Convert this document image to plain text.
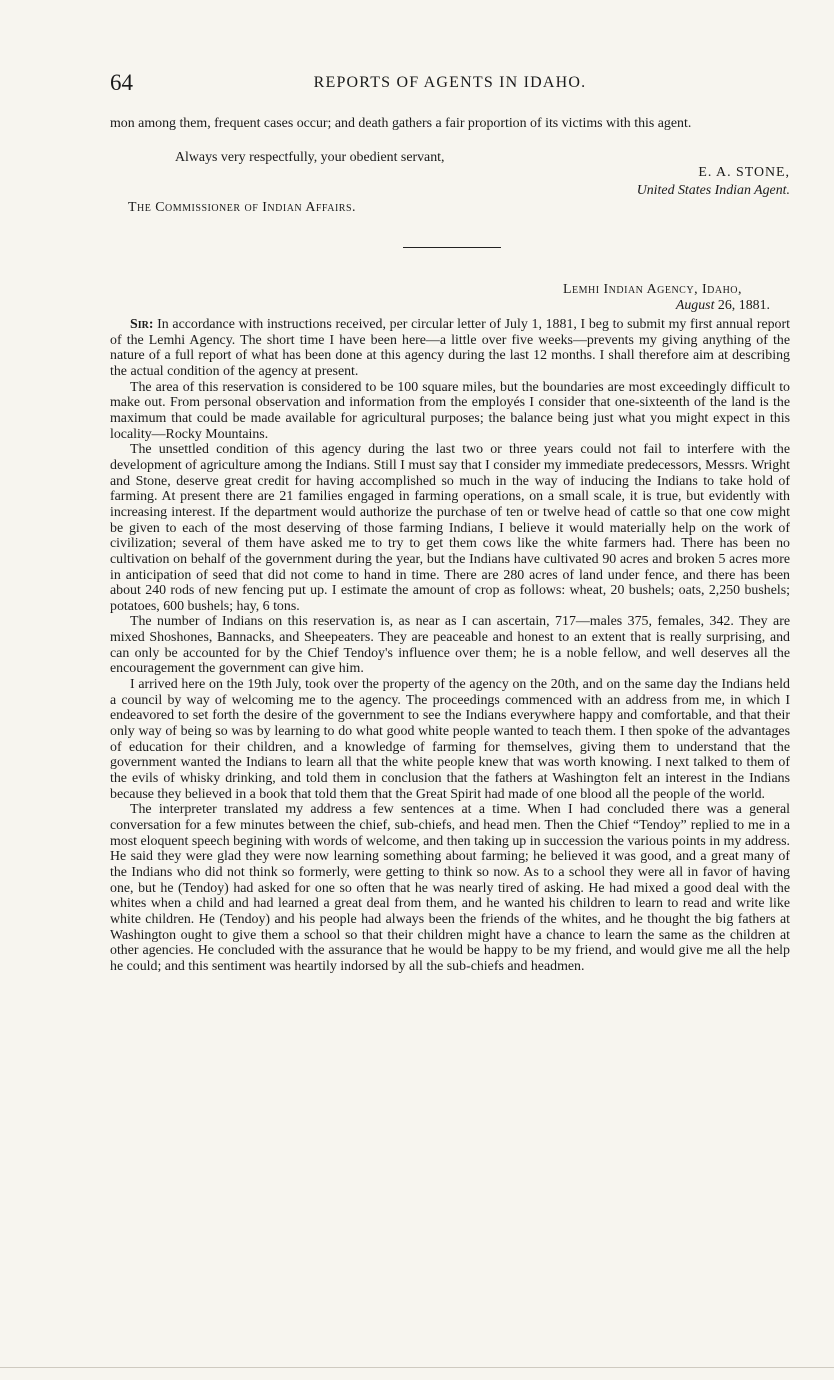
64	REPORTS OF AGENTS IN IDAHO.

mon among them, frequent cases occur; and death gathers a fair proportion of its victims with this agent.

Always very respectfully, your obedient servant,
E. A. STONE,
United States Indian Agent.
The Commissioner of Indian Affairs.
Lemhi Indian Agency, Idaho,
August 26, 1881.

Sir: In accordance with instructions received, per circular letter of July 1, 1881, I beg to submit my first annual report of the Lemhi Agency. The short time I have been here—a little over five weeks—prevents my giving anything of the nature of a full report of what has been done at this agency during the last 12 months. I shall therefore aim at describing the actual condition of the agency at present.

The area of this reservation is considered to be 100 square miles, but the boundaries are most exceedingly difficult to make out. From personal observation and information from the employés I consider that one-sixteenth of the land is the maximum that could be made available for agricultural purposes; the balance being just what you might expect in this locality—Rocky Mountains.

The unsettled condition of this agency during the last two or three years could not fail to interfere with the development of agriculture among the Indians. Still I must say that I consider my immediate predecessors, Messrs. Wright and Stone, deserve great credit for having accomplished so much in the way of inducing the Indians to take hold of farming. At present there are 21 families engaged in farming operations, on a small scale, it is true, but evidently with increasing interest. If the department would authorize the purchase of ten or twelve head of cattle so that one cow might be given to each of the most deserving of those farming Indians, I believe it would materially help on the work of civilization; several of them have asked me to try to get them cows like the white farmers had. There has been no cultivation on behalf of the government during the year, but the Indians have cultivated 90 acres and broken 5 acres more in anticipation of seed that did not come to hand in time. There are 280 acres of land under fence, and there has been about 240 rods of new fencing put up. I estimate the amount of crop as follows: wheat, 20 bushels; oats, 2,250 bushels; potatoes, 600 bushels; hay, 6 tons.

The number of Indians on this reservation is, as near as I can ascertain, 717—males 375, females, 342. They are mixed Shoshones, Bannacks, and Sheepeaters. They are peaceable and honest to an extent that is really surprising, and can only be accounted for by the Chief Tendoy's influence over them; he is a noble fellow, and well deserves all the encouragement the government can give him.

I arrived here on the 19th July, took over the property of the agency on the 20th, and on the same day the Indians held a council by way of welcoming me to the agency. The proceedings commenced with an address from me, in which I endeavored to set forth the desire of the government to see the Indians everywhere happy and comfortable, and that their only way of being so was by learning to do what good white people wanted to teach them. I then spoke of the advantages of education for their children, and a knowledge of farming for themselves, giving them to understand that the government wanted the Indians to learn all that the white people knew that was worth knowing. I next talked to them of the evils of whisky drinking, and told them in conclusion that the fathers at Washington felt an interest in the Indians because they believed in a book that told them that the Great Spirit had made of one blood all the people of the world.

The interpreter translated my address a few sentences at a time. When I had concluded there was a general conversation for a few minutes between the chief, sub-chiefs, and head men. Then the Chief “Tendoy” replied to me in a most eloquent speech begining with words of welcome, and then taking up in succession the various points in my address. He said they were glad they were now learning something about farming; he believed it was good, and a great many of the Indians who did not think so formerly, were getting to think so now. As to a school they were all in favor of having one, but he (Tendoy) had asked for one so often that he was nearly tired of asking. He had mixed a good deal with the whites when a child and had learned a great deal from them, and he wanted his children to learn to read and write like white children. He (Tendoy) and his people had always been the friends of the whites, and he thought the big fathers at Washington ought to give them a school so that their children might have a chance to learn the same as the children at other agencies. He concluded with the assurance that he would be happy to be my friend, and would give me all the help he could; and this sentiment was heartily indorsed by all the sub-chiefs and headmen.
